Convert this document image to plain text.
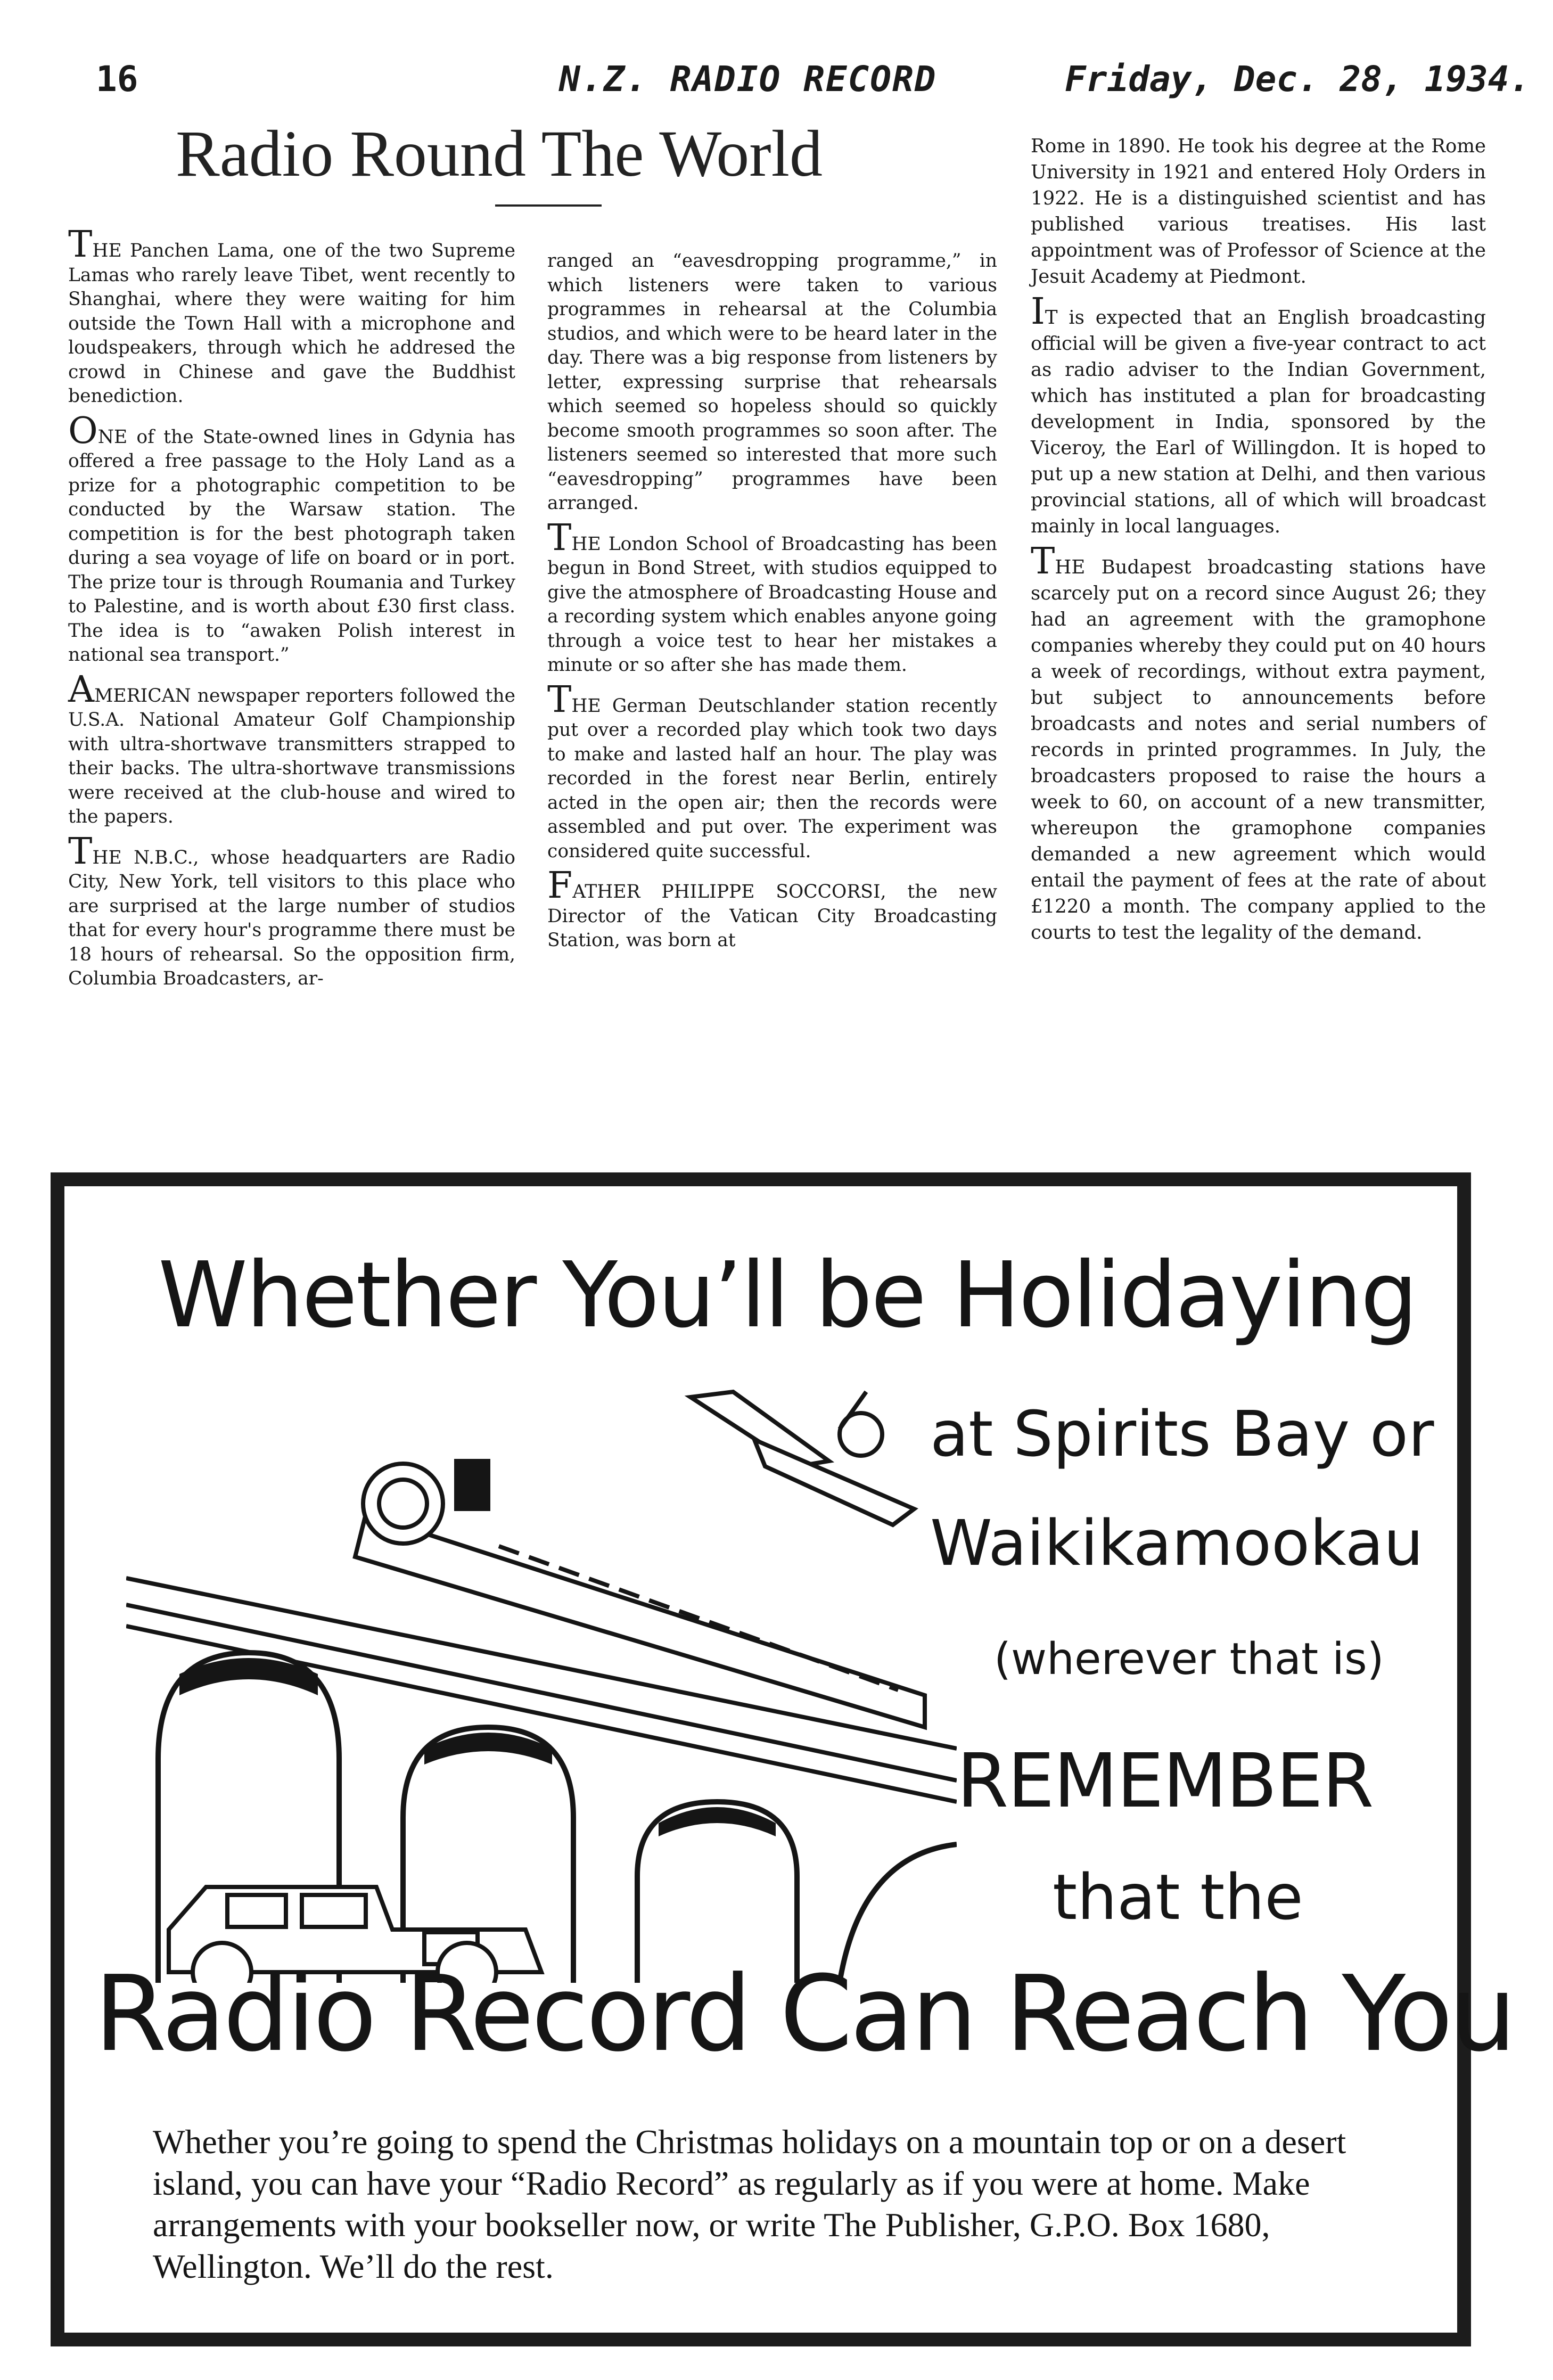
16	N.Z. RADIO RECORD	Friday, Dec. 28, 1934.
Radio Round The World

THE Panchen Lama, one of the two Supreme Lamas who rarely leave Tibet, went recently to Shanghai, where they were waiting for him outside the Town Hall with a microphone and loudspeakers, through which he addresed the crowd in Chinese and gave the Buddhist benediction.

ONE of the State-owned lines in Gdynia has offered a free passage to the Holy Land as a prize for a photographic competition to be conducted by the Warsaw station. The competition is for the best photograph taken during a sea voyage of life on board or in port. The prize tour is through Roumania and Turkey to Palestine, and is worth about £30 first class. The idea is to “awaken Polish interest in national sea transport.”

AMERICAN newspaper reporters followed the U.S.A. National Amateur Golf Championship with ultra-shortwave transmitters strapped to their backs. The ultra-shortwave transmissions were received at the club-house and wired to the papers.

THE N.B.C., whose headquarters are Radio City, New York, tell visitors to this place who are surprised at the large number of studios that for every hour's programme there must be 18 hours of rehearsal. So the opposition firm, Columbia Broadcasters, ar-

ranged an “eavesdropping programme,” in which listeners were taken to various programmes in rehearsal at the Columbia studios, and which were to be heard later in the day. There was a big response from listeners by letter, expressing surprise that rehearsals which seemed so hopeless should so quickly become smooth programmes so soon after. The listeners seemed so interested that more such “eavesdropping” programmes have been arranged.

THE London School of Broadcasting has been begun in Bond Street, with studios equipped to give the atmosphere of Broadcasting House and a recording system which enables anyone going through a voice test to hear her mistakes a minute or so after she has made them.

THE German Deutschlander station recently put over a recorded play which took two days to make and lasted half an hour. The play was recorded in the forest near Berlin, entirely acted in the open air; then the records were assembled and put over. The experiment was considered quite successful.

FATHER PHILIPPE SOCCORSI, the new Director of the Vatican City Broadcasting Station, was born at

Rome in 1890. He took his degree at the Rome University in 1921 and entered Holy Orders in 1922. He is a distinguished scientist and has published various treatises. His last appointment was of Professor of Science at the Jesuit Academy at Piedmont.

IT is expected that an English broadcasting official will be given a five-year contract to act as radio adviser to the Indian Government, which has instituted a plan for broadcasting development in India, sponsored by the Viceroy, the Earl of Willingdon. It is hoped to put up a new station at Delhi, and then various provincial stations, all of which will broadcast mainly in local languages.

THE Budapest broadcasting stations have scarcely put on a record since August 26; they had an agreement with the gramophone companies whereby they could put on 40 hours a week of recordings, without extra payment, but subject to announcements before broadcasts and notes and serial numbers of records in printed programmes. In July, the broadcasters proposed to raise the hours a week to 60, on account of a new transmitter, whereupon the gramophone companies demanded a new agreement which would entail the payment of fees at the rate of about £1220 a month. The company applied to the courts to test the legality of the demand.

Whether You’ll be Holidaying
at Spirits Bay or
Waikikamookau
(wherever that is)
REMEMBER
that the
Radio Record Can Reach You
Whether you’re going to spend the Christmas holidays on a mountain top or on a desert island, you can have your “Radio Record” as regularly as if you were at home. Make arrangements with your bookseller now, or write The Publisher, G.P.O. Box 1680, Wellington. We’ll do the rest.
